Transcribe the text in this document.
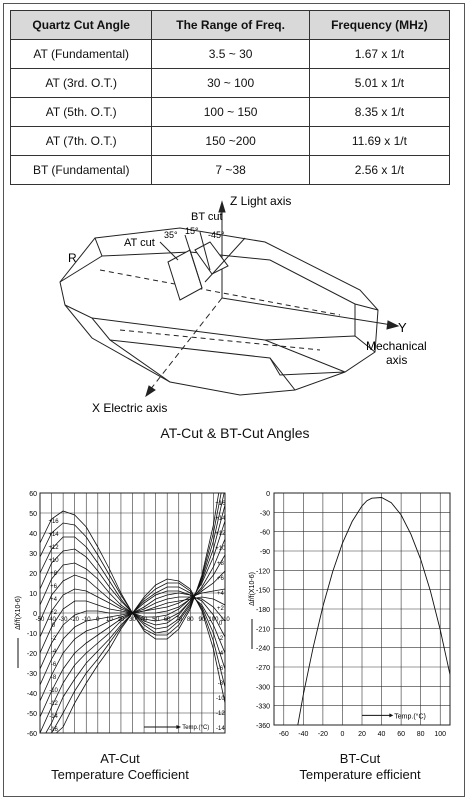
Quartz Cut Angle	The Range of Freq.	Frequency (MHz)
AT (Fundamental)	3.5 ~ 30	1.67 x 1/t
AT (3rd. O.T.)	30 ~ 100	5.01 x 1/t
AT (5th. O.T.)	100 ~ 150	8.35 x 1/t
AT (7th. O.T.)	150 ~200	11.69 x 1/t
BT (Fundamental)	7 ~38	2.56 x 1/t
Z Light axis
BT cut
AT cut
35° 15° -45°
R
Y
Mechanical
axis
X Electric axis
AT-Cut & BT-Cut Angles
60
50
40
30
20
10
0
-10
-20
-30
-40
-50
-60
-50 -40 -30 -20 -10 0 10 20 30 40 50 60 70 80 90 100 110
+16
+14
+12
+10
+8
+6
+4
+2
0
-2
-4
-6
-8
-10
-12
-14
-16
+16
+14
+12
+10
+8
+6
+4
+2
0
-2
-4
-6
-8
-10
-12
-14
Δf/f(X10-6)
Temp.(°C)
0
-30
-60
-90
-120
-150
-180
-210
-240
-270
-300
-330
-360
-60 -40 -20 0 20 40 60 80 100
Δf/f(X10-6)
Temp.(°C)
AT-Cut
Temperature Coefficient
BT-Cut
Temperature efficient
